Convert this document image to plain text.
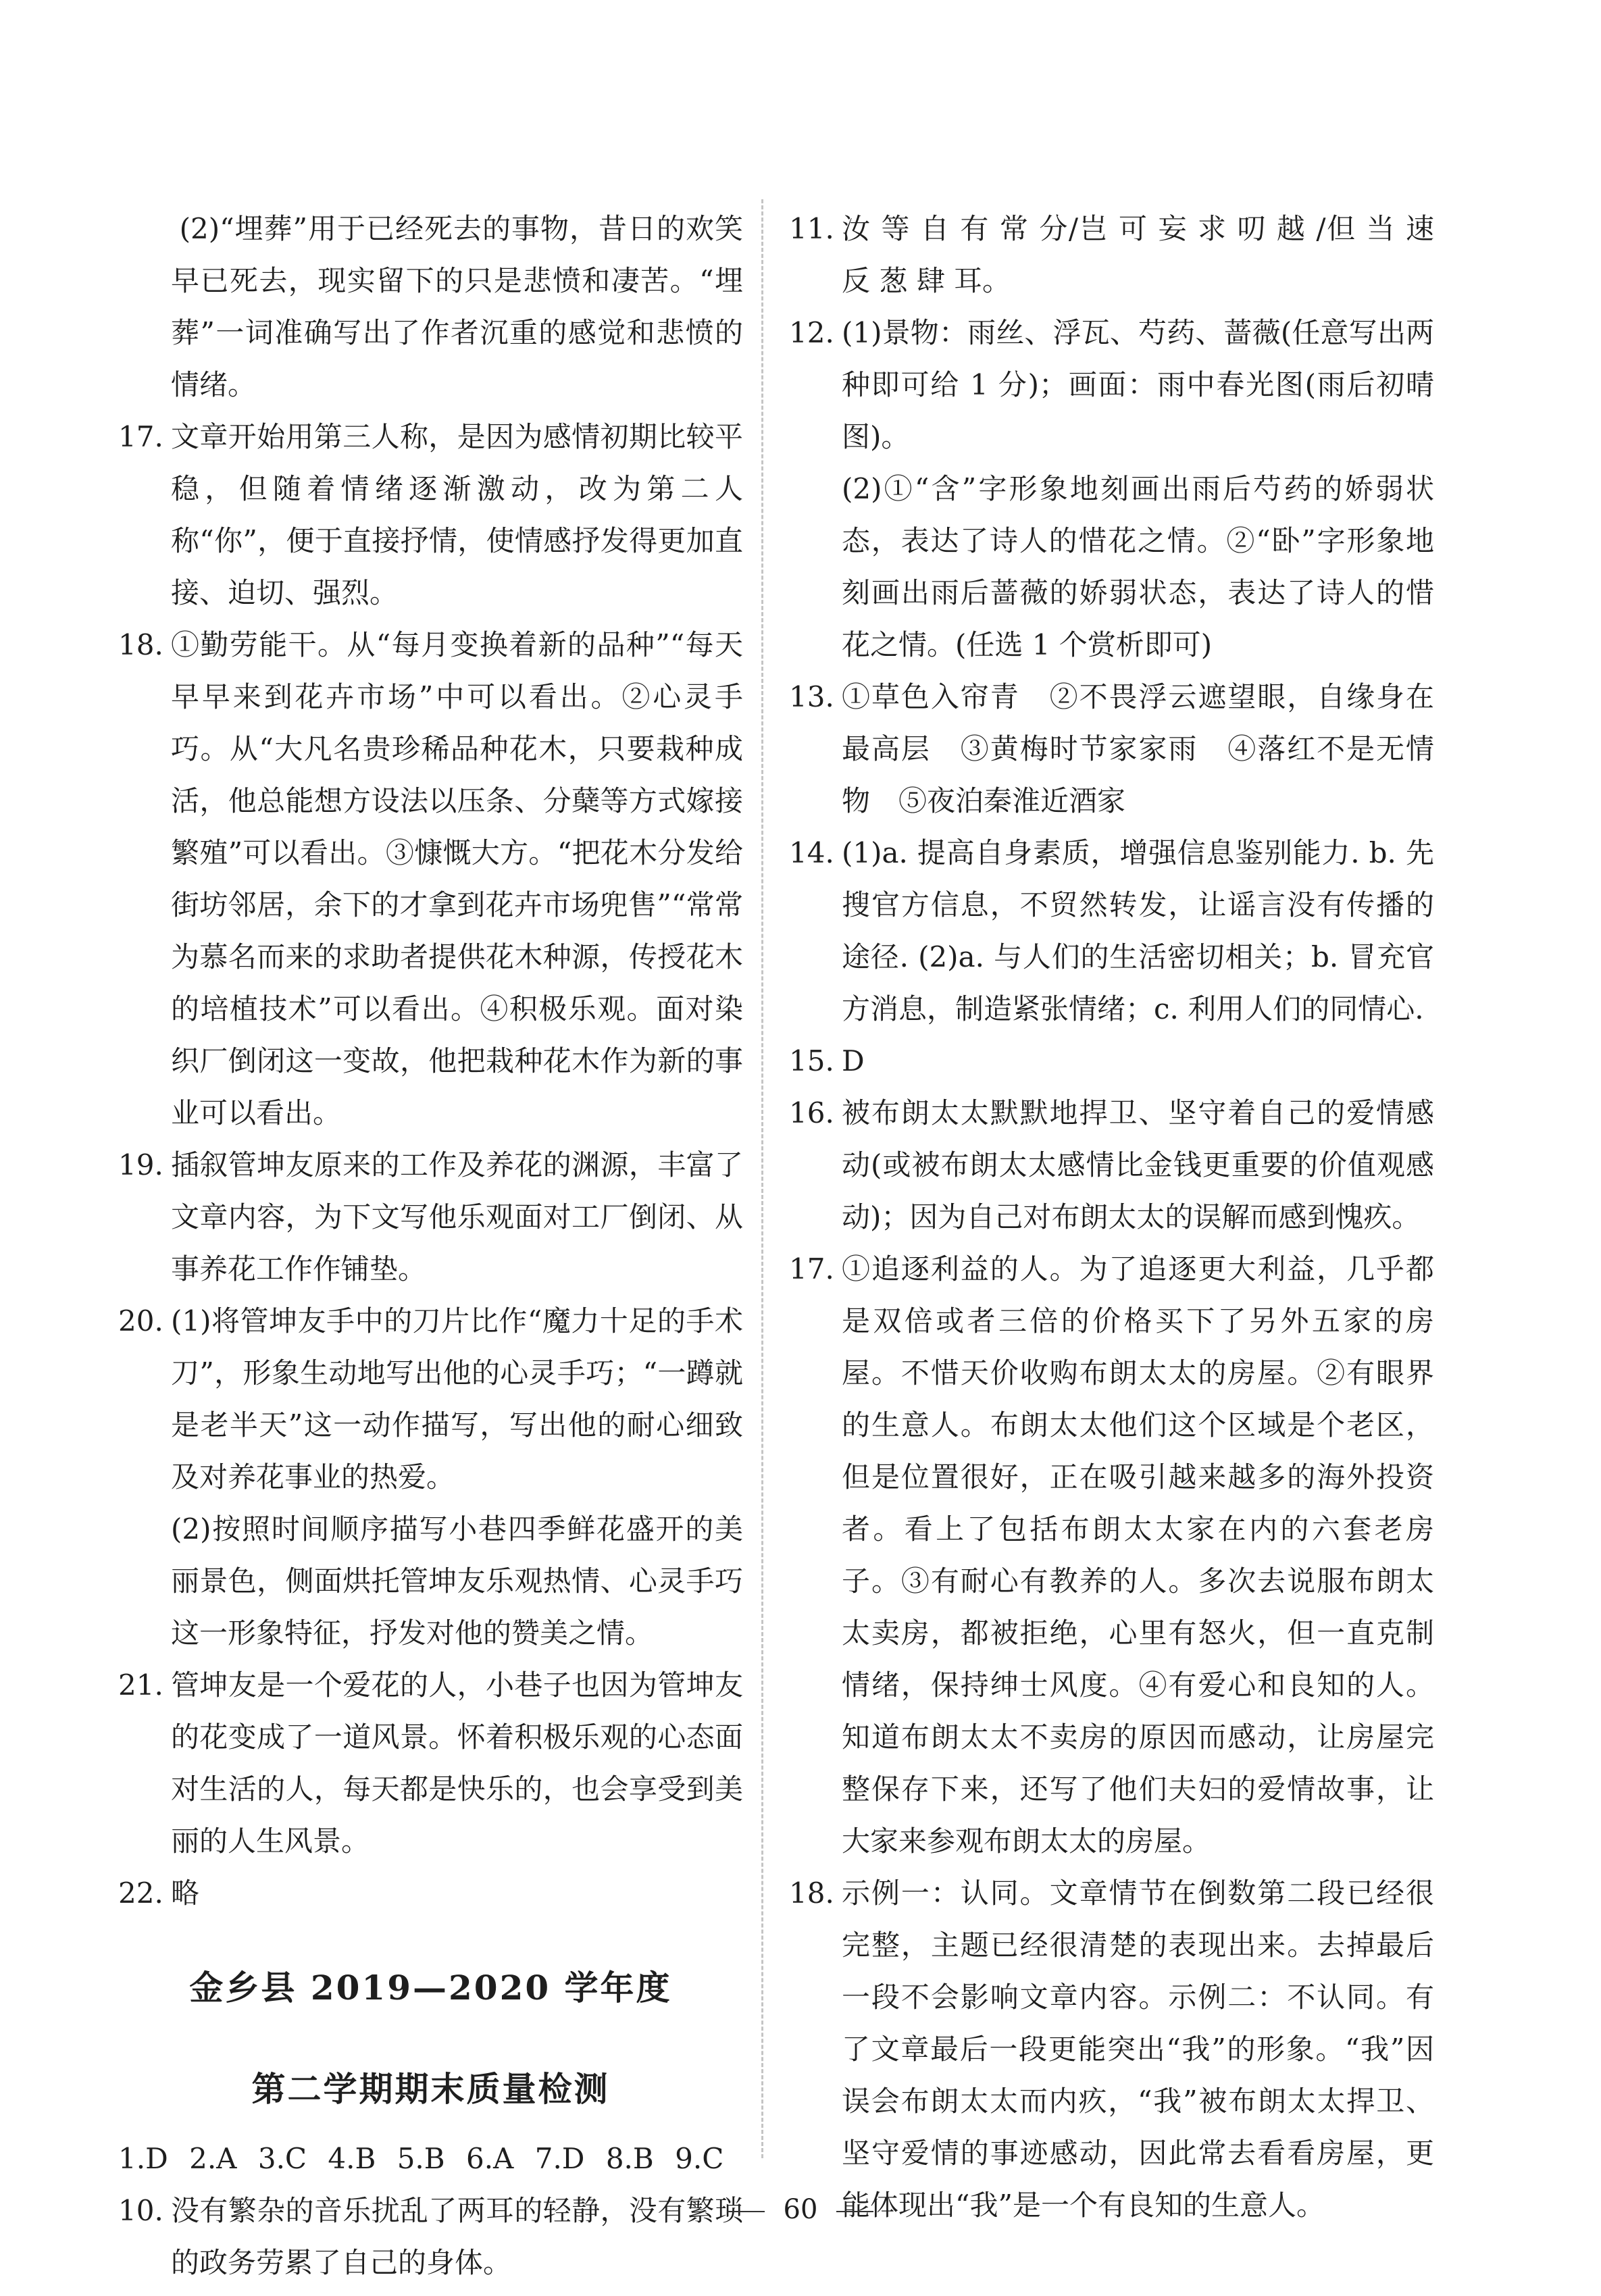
(2)“埋葬”用于已经死去的事物，昔日的欢笑早已死去，现实留下的只是悲愤和凄苦。“埋葬”一词准确写出了作者沉重的感觉和悲愤的情绪。
17. 文章开始用第三人称，是因为感情初期比较平稳，但随着情绪逐渐激动，改为第二人称“你”，便于直接抒情，使情感抒发得更加直接、迫切、强烈。
18. ①勤劳能干。从“每月变换着新的品种”“每天早早来到花卉市场”中可以看出。②心灵手巧。从“大凡名贵珍稀品种花木，只要栽种成活，他总能想方设法以压条、分蘖等方式嫁接繁殖”可以看出。③慷慨大方。“把花木分发给街坊邻居，余下的才拿到花卉市场兜售”“常常为慕名而来的求助者提供花木种源，传授花木的培植技术”可以看出。④积极乐观。面对染织厂倒闭这一变故，他把栽种花木作为新的事业可以看出。
19. 插叙管坤友原来的工作及养花的渊源，丰富了文章内容，为下文写他乐观面对工厂倒闭、从事养花工作作铺垫。
20. (1)将管坤友手中的刀片比作“魔力十足的手术刀”，形象生动地写出他的心灵手巧；“一蹲就是老半天”这一动作描写，写出他的耐心细致及对养花事业的热爱。
(2)按照时间顺序描写小巷四季鲜花盛开的美丽景色，侧面烘托管坤友乐观热情、心灵手巧这一形象特征，抒发对他的赞美之情。
21. 管坤友是一个爱花的人，小巷子也因为管坤友的花变成了一道风景。怀着积极乐观的心态面对生活的人，每天都是快乐的，也会享受到美丽的人生风景。
22. 略
金乡县 2019—2020 学年度
第二学期期末质量检测
1.D 2.A 3.C 4.B 5.B 6.A 7.D 8.B 9.C
10. 没有繁杂的音乐扰乱了两耳的轻静，没有繁琐的政务劳累了自己的身体。
11. 汝 等 自 有 常 分/岂 可 妄 求 叨 越 /但 当 速 反 葱 肆 耳。
12. (1)景物：雨丝、浮瓦、芍药、蔷薇(任意写出两种即可给 1 分)；画面：雨中春光图(雨后初晴图)。
(2)①“含”字形象地刻画出雨后芍药的娇弱状态，表达了诗人的惜花之情。②“卧”字形象地刻画出雨后蔷薇的娇弱状态，表达了诗人的惜花之情。(任选 1 个赏析即可)
13. ①草色入帘青　②不畏浮云遮望眼，自缘身在最高层　③黄梅时节家家雨　④落红不是无情物　⑤夜泊秦淮近酒家
14. (1)a. 提高自身素质，增强信息鉴别能力. b. 先搜官方信息，不贸然转发，让谣言没有传播的途径. (2)a. 与人们的生活密切相关；b. 冒充官方消息，制造紧张情绪；c. 利用人们的同情心.
15. D
16. 被布朗太太默默地捍卫、坚守着自己的爱情感动(或被布朗太太感情比金钱更重要的价值观感动)；因为自己对布朗太太的误解而感到愧疚。
17. ①追逐利益的人。为了追逐更大利益，几乎都是双倍或者三倍的价格买下了另外五家的房屋。不惜天价收购布朗太太的房屋。②有眼界的生意人。布朗太太他们这个区域是个老区，但是位置很好，正在吸引越来越多的海外投资者。看上了包括布朗太太家在内的六套老房子。③有耐心有教养的人。多次去说服布朗太太卖房，都被拒绝，心里有怒火，但一直克制情绪，保持绅士风度。④有爱心和良知的人。知道布朗太太不卖房的原因而感动，让房屋完整保存下来，还写了他们夫妇的爱情故事，让大家来参观布朗太太的房屋。
18. 示例一：认同。文章情节在倒数第二段已经很完整，主题已经很清楚的表现出来。去掉最后一段不会影响文章内容。示例二：不认同。有了文章最后一段更能突出“我”的形象。“我”因误会布朗太太而内疚，“我”被布朗太太捍卫、坚守爱情的事迹感动，因此常去看看房屋，更能体现出“我”是一个有良知的生意人。
60
